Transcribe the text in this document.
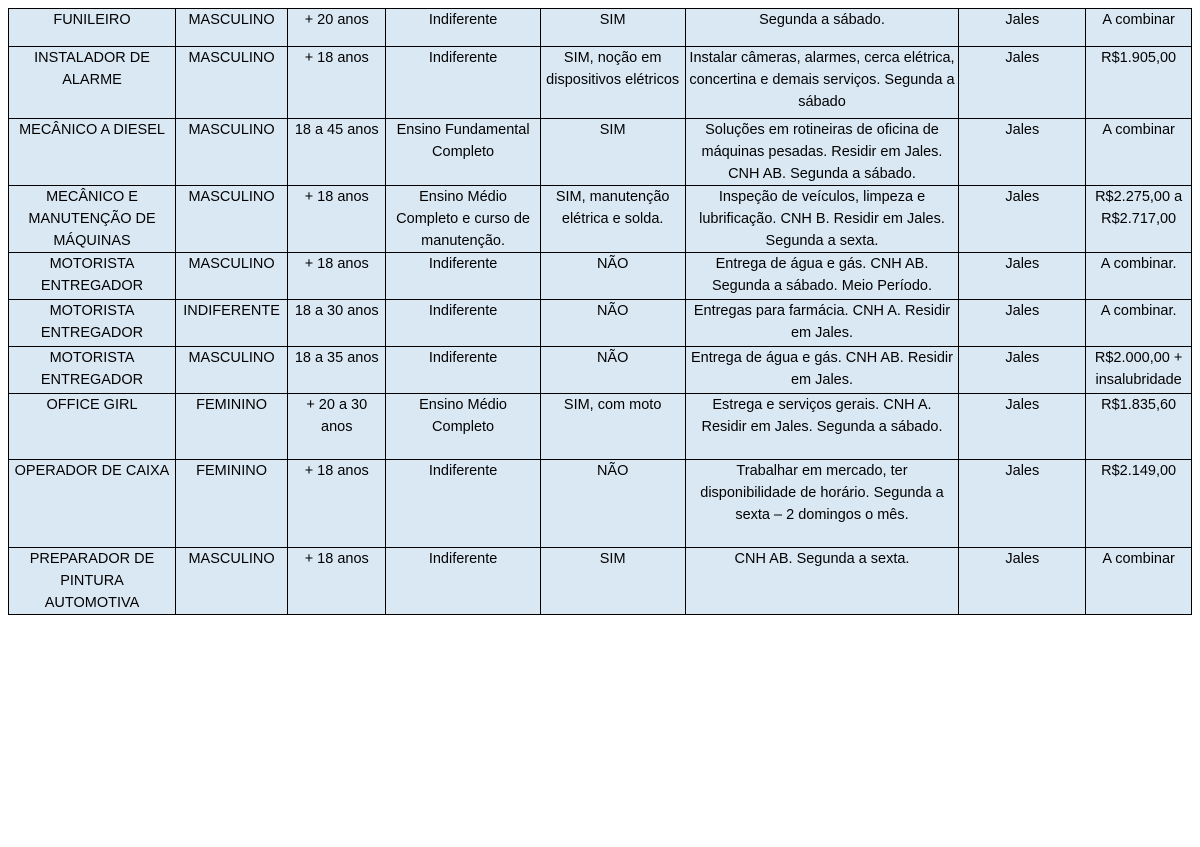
FUNILEIRO	MASCULINO	+ 20 anos	Indiferente	SIM	Segunda a sábado.	Jales	A combinar
INSTALADOR DE ALARME	MASCULINO	+ 18 anos	Indiferente	SIM, noção em dispositivos elétricos	Instalar câmeras, alarmes, cerca elétrica, concertina e demais serviços. Segunda a sábado	Jales	R$1.905,00
MECÂNICO A DIESEL	MASCULINO	18 a 45 anos	Ensino Fundamental Completo	SIM	Soluções em rotineiras de oficina de máquinas pesadas. Residir em Jales. CNH AB. Segunda a sábado.	Jales	A combinar
MECÂNICO E MANUTENÇÃO DE MÁQUINAS	MASCULINO	+ 18 anos	Ensino Médio Completo e curso de manutenção.	SIM, manutenção elétrica e solda.	Inspeção de veículos, limpeza e lubrificação. CNH B. Residir em Jales. Segunda a sexta.	Jales	R$2.275,00 a R$2.717,00
MOTORISTA ENTREGADOR	MASCULINO	+ 18 anos	Indiferente	NÃO	Entrega de água e gás. CNH AB. Segunda a sábado. Meio Período.	Jales	A combinar.
MOTORISTA ENTREGADOR	INDIFERENTE	18 a 30 anos	Indiferente	NÃO	Entregas para farmácia. CNH A. Residir em Jales.	Jales	A combinar.
MOTORISTA ENTREGADOR	MASCULINO	18 a 35 anos	Indiferente	NÃO	Entrega de água e gás. CNH AB. Residir em Jales.	Jales	R$2.000,00 + insalubridade
OFFICE GIRL	FEMININO	+ 20 a 30 anos	Ensino Médio Completo	SIM, com moto	Estrega e serviços gerais. CNH A. Residir em Jales. Segunda a sábado.	Jales	R$1.835,60
OPERADOR DE CAIXA	FEMININO	+ 18 anos	Indiferente	NÃO	Trabalhar em mercado, ter disponibilidade de horário. Segunda a sexta – 2 domingos o mês.	Jales	R$2.149,00
PREPARADOR DE PINTURA AUTOMOTIVA	MASCULINO	+ 18 anos	Indiferente	SIM	CNH AB. Segunda a sexta.	Jales	A combinar
